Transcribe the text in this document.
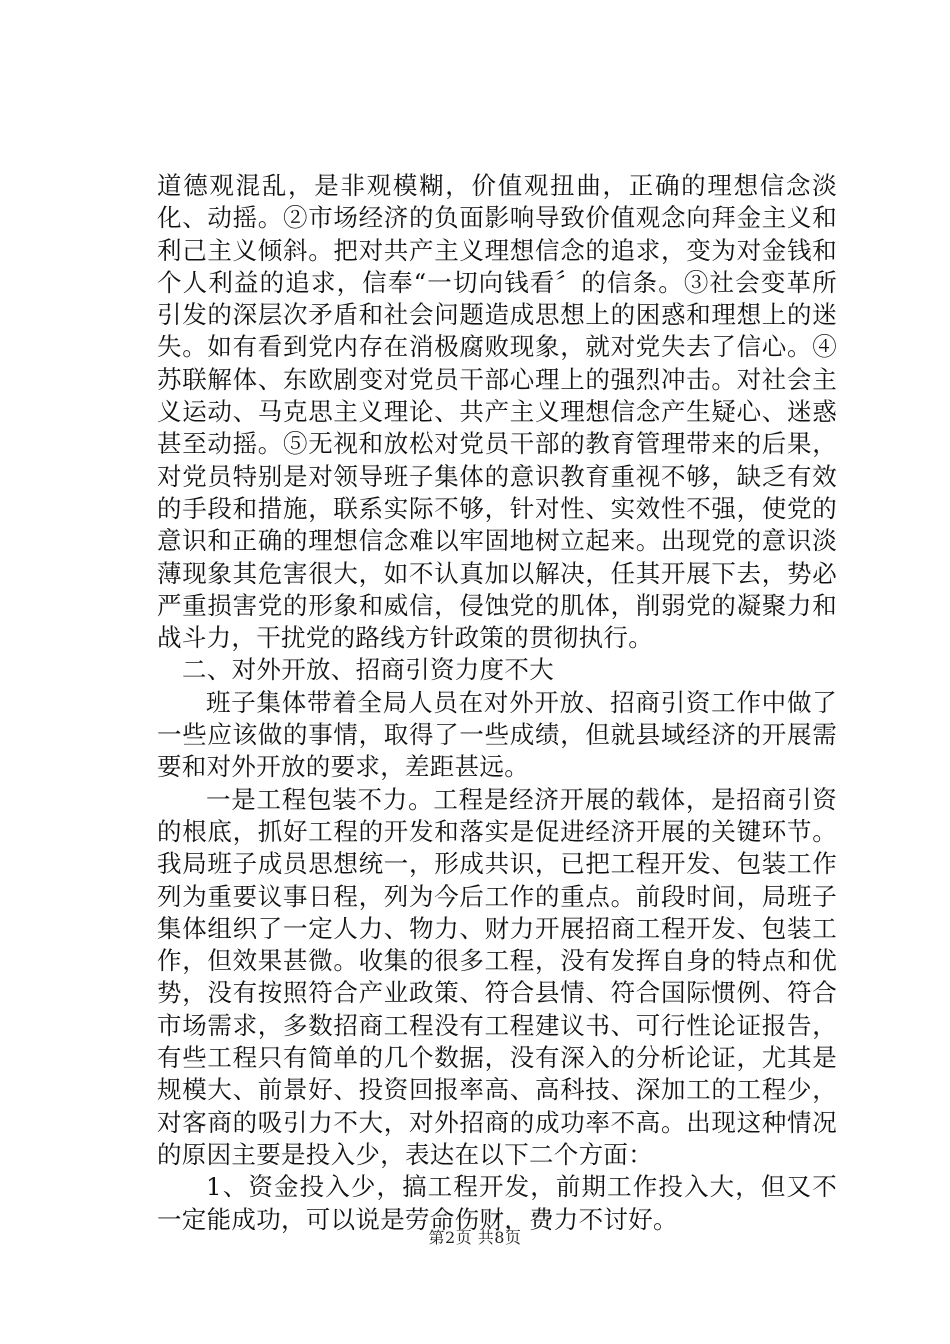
道德观混乱，是非观模糊，价值观扭曲，正确的理想信念淡化、动摇。②市场经济的负面影响导致价值观念向拜金主义和利己主义倾斜。把对共产主义理想信念的追求，变为对金钱和个人利益的追求，信奉“一切向钱看〞的信条。③社会变革所引发的深层次矛盾和社会问题造成思想上的困惑和理想上的迷失。如有看到党内存在消极腐败现象，就对党失去了信心。④苏联解体、东欧剧变对党员干部心理上的强烈冲击。对社会主义运动、马克思主义理论、共产主义理想信念产生疑心、迷惑甚至动摇。⑤无视和放松对党员干部的教育管理带来的后果，对党员特别是对领导班子集体的意识教育重视不够，缺乏有效的手段和措施，联系实际不够，针对性、实效性不强，使党的意识和正确的理想信念难以牢固地树立起来。出现党的意识淡薄现象其危害很大，如不认真加以解决，任其开展下去，势必严重损害党的形象和威信，侵蚀党的肌体，削弱党的凝聚力和战斗力，干扰党的路线方针政策的贯彻执行。

二、对外开放、招商引资力度不大

班子集体带着全局人员在对外开放、招商引资工作中做了一些应该做的事情，取得了一些成绩，但就县域经济的开展需要和对外开放的要求，差距甚远。

一是工程包装不力。工程是经济开展的载体，是招商引资的根底，抓好工程的开发和落实是促进经济开展的关键环节。我局班子成员思想统一，形成共识，已把工程开发、包装工作列为重要议事日程，列为今后工作的重点。前段时间，局班子集体组织了一定人力、物力、财力开展招商工程开发、包装工作，但效果甚微。收集的很多工程，没有发挥自身的特点和优势，没有按照符合产业政策、符合县情、符合国际惯例、符合市场需求，多数招商工程没有工程建议书、可行性论证报告，有些工程只有简单的几个数据，没有深入的分析论证，尤其是规模大、前景好、投资回报率高、高科技、深加工的工程少，对客商的吸引力不大，对外招商的成功率不高。出现这种情况的原因主要是投入少，表达在以下二个方面：

1、资金投入少，搞工程开发，前期工作投入大，但又不一定能成功，可以说是劳命伤财，费力不讨好。

第2页 共8页
